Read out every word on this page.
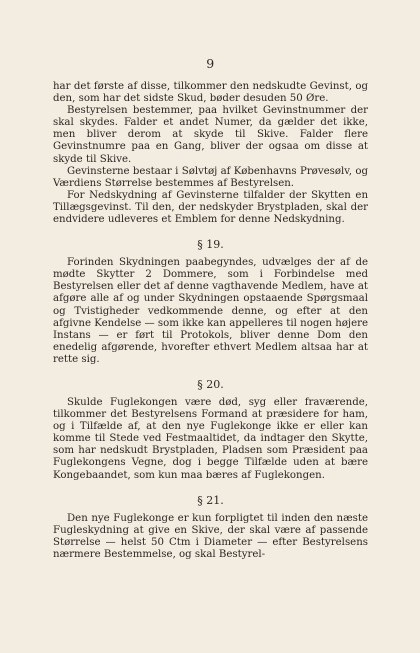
9

har det første af disse, tilkommer den nedskudte Gevinst, og den, som har det sidste Skud, bøder desuden 50 Øre.

Bestyrelsen bestemmer, paa hvilket Gevinstnummer der skal skydes. Falder et andet Numer, da gælder det ikke, men bliver derom at skyde til Skive. Falder flere Gevinstnumre paa en Gang, bliver der ogsaa om disse at skyde til Skive.

Gevinsterne bestaar i Sølvtøj af Københavns Prøvesølv, og Værdiens Størrelse bestemmes af Bestyrelsen.

For Nedskydning af Gevinsterne tilfalder der Skytten en Tillægsgevinst. Til den, der nedskyder Brystpladen, skal der endvidere udleveres et Emblem for denne Nedskydning.

§ 19.

Forinden Skydningen paabegyndes, udvælges der af de mødte Skytter 2 Dommere, som i Forbindelse med Bestyrelsen eller det af denne vagthavende Medlem, have at afgøre alle af og under Skydningen opstaaende Spørgsmaal og Tvistigheder vedkommende denne, og efter at den afgivne Kendelse — som ikke kan appelleres til nogen højere Instans — er ført til Protokols, bliver denne Dom den enedelig afgørende, hvorefter ethvert Medlem altsaa har at rette sig.

§ 20.

Skulde Fuglekongen være død, syg eller fraværende, tilkommer det Bestyrelsens Formand at præsidere for ham, og i Tilfælde af, at den nye Fuglekonge ikke er eller kan komme til Stede ved Festmaaltidet, da indtager den Skytte, som har nedskudt Brystpladen, Pladsen som Præsident paa Fuglekongens Vegne, dog i begge Tilfælde uden at bære Kongebaandet, som kun maa bæres af Fuglekongen.

§ 21.

Den nye Fuglekonge er kun forpligtet til inden den næste Fugleskydning at give en Skive, der skal være af passende Størrelse — helst 50 Ctm i Diameter — efter Bestyrelsens nærmere Bestemmelse, og skal Bestyrel-
